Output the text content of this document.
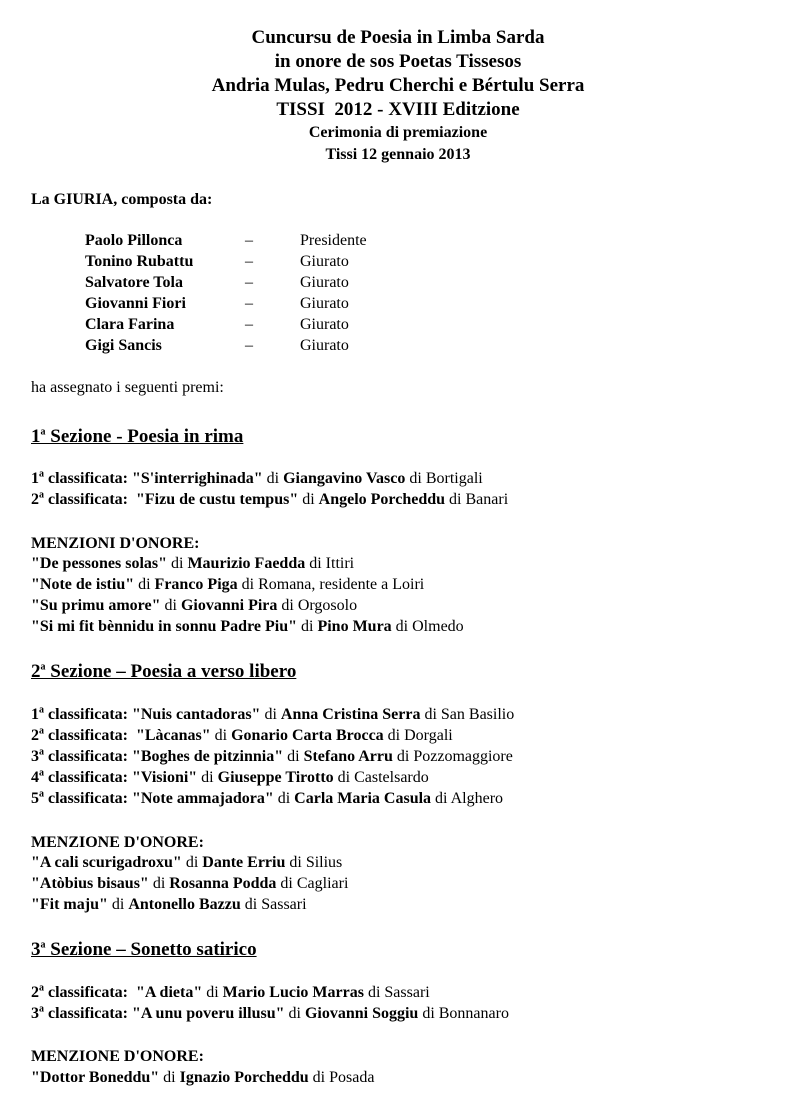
Cuncursu de Poesia in Limba Sarda
in onore de sos Poetas Tissesos
Andria Mulas, Pedru Cherchi e Bértulu Serra
TISSI  2012 - XVIII Editzione
Cerimonia di premiazione
Tissi 12 gennaio 2013
La GIURIA, composta da:
Paolo Pillonca	–	Presidente
Tonino Rubattu	–	Giurato
Salvatore Tola	–	Giurato
Giovanni Fiori	–	Giurato
Clara Farina	–	Giurato
Gigi Sancis	–	Giurato
ha assegnato i seguenti premi:
1$^a$ Sezione - Poesia in rima
1$^a$ classificata: "S'interrighinada" di Giangavino Vasco di Bortigali
2$^a$ classificata:  "Fizu de custu tempus" di Angelo Porcheddu di Banari
MENZIONI D'ONORE:
"De pessones solas" di Maurizio Faedda di Ittiri
"Note de istiu" di Franco Piga di Romana, residente a Loiri
"Su primu amore" di Giovanni Pira di Orgosolo
"Si mi fit bènnidu in sonnu Padre Piu" di Pino Mura di Olmedo
2$^a$ Sezione – Poesia a verso libero
1$^a$ classificata: "Nuis cantadoras" di Anna Cristina Serra di San Basilio
2$^a$ classificata:  "Làcanas" di Gonario Carta Brocca di Dorgali
3$^a$ classificata: "Boghes de pitzinnia" di Stefano Arru di Pozzomaggiore
4$^a$ classificata: "Visioni" di Giuseppe Tirotto di Castelsardo
5$^a$ classificata: "Note ammajadora" di Carla Maria Casula di Alghero
MENZIONE D'ONORE:
"A cali scurigadroxu" di Dante Erriu di Silius
"Atòbius bisaus" di Rosanna Podda di Cagliari
"Fit maju" di Antonello Bazzu di Sassari
3$^a$ Sezione – Sonetto satirico
2$^a$ classificata:  "A dieta" di Mario Lucio Marras di Sassari
3$^a$ classificata: "A unu poveru illusu" di Giovanni Soggiu di Bonnanaro
MENZIONE D'ONORE:
"Dottor Boneddu" di Ignazio Porcheddu di Posada
